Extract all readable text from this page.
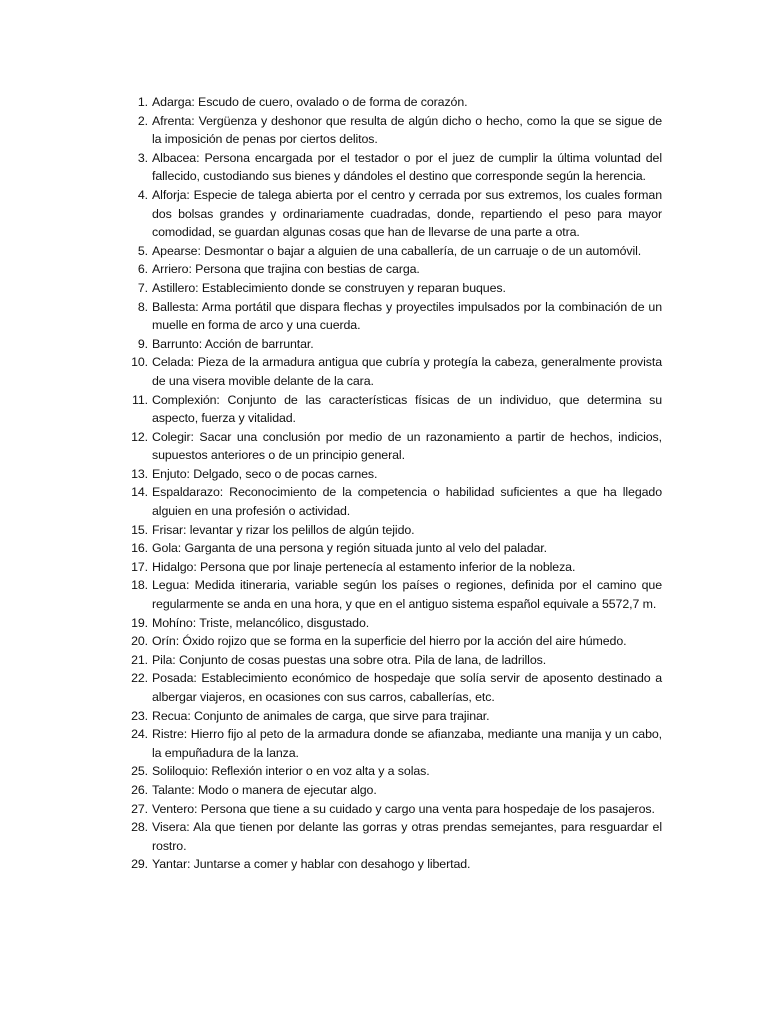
1. Adarga: Escudo de cuero, ovalado o de forma de corazón.
2. Afrenta: Vergüenza y deshonor que resulta de algún dicho o hecho, como la que se sigue de la imposición de penas por ciertos delitos.
3. Albacea: Persona encargada por el testador o por el juez de cumplir la última voluntad del fallecido, custodiando sus bienes y dándoles el destino que corresponde según la herencia.
4. Alforja: Especie de talega abierta por el centro y cerrada por sus extremos, los cuales forman dos bolsas grandes y ordinariamente cuadradas, donde, repartiendo el peso para mayor comodidad, se guardan algunas cosas que han de llevarse de una parte a otra.
5. Apearse: Desmontar o bajar a alguien de una caballería, de un carruaje o de un automóvil.
6. Arriero: Persona que trajina con bestias de carga.
7. Astillero: Establecimiento donde se construyen y reparan buques.
8. Ballesta: Arma portátil que dispara flechas y proyectiles impulsados por la combinación de un muelle en forma de arco y una cuerda.
9. Barrunto: Acción de barruntar.
10. Celada: Pieza de la armadura antigua que cubría y protegía la cabeza, generalmente provista de una visera movible delante de la cara.
11. Complexión: Conjunto de las características físicas de un individuo, que determina su aspecto, fuerza y vitalidad.
12. Colegir: Sacar una conclusión por medio de un razonamiento a partir de hechos, indicios, supuestos anteriores o de un principio general.
13. Enjuto: Delgado, seco o de pocas carnes.
14. Espaldarazo: Reconocimiento de la competencia o habilidad suficientes a que ha llegado alguien en una profesión o actividad.
15. Frisar: levantar y rizar los pelillos de algún tejido.
16. Gola: Garganta de una persona y región situada junto al velo del paladar.
17. Hidalgo: Persona que por linaje pertenecía al estamento inferior de la nobleza.
18. Legua: Medida itineraria, variable según los países o regiones, definida por el camino que regularmente se anda en una hora, y que en el antiguo sistema español equivale a 5572,7 m.
19. Mohíno: Triste, melancólico, disgustado.
20. Orín: Óxido rojizo que se forma en la superficie del hierro por la acción del aire húmedo.
21. Pila: Conjunto de cosas puestas una sobre otra. Pila de lana, de ladrillos.
22. Posada: Establecimiento económico de hospedaje que solía servir de aposento destinado a albergar viajeros, en ocasiones con sus carros, caballerías, etc.
23. Recua: Conjunto de animales de carga, que sirve para trajinar.
24. Ristre: Hierro fijo al peto de la armadura donde se afianzaba, mediante una manija y un cabo, la empuñadura de la lanza.
25. Soliloquio: Reflexión interior o en voz alta y a solas.
26. Talante: Modo o manera de ejecutar algo.
27. Ventero: Persona que tiene a su cuidado y cargo una venta para hospedaje de los pasajeros.
28. Visera: Ala que tienen por delante las gorras y otras prendas semejantes, para resguardar el rostro.
29. Yantar: Juntarse a comer y hablar con desahogo y libertad.
